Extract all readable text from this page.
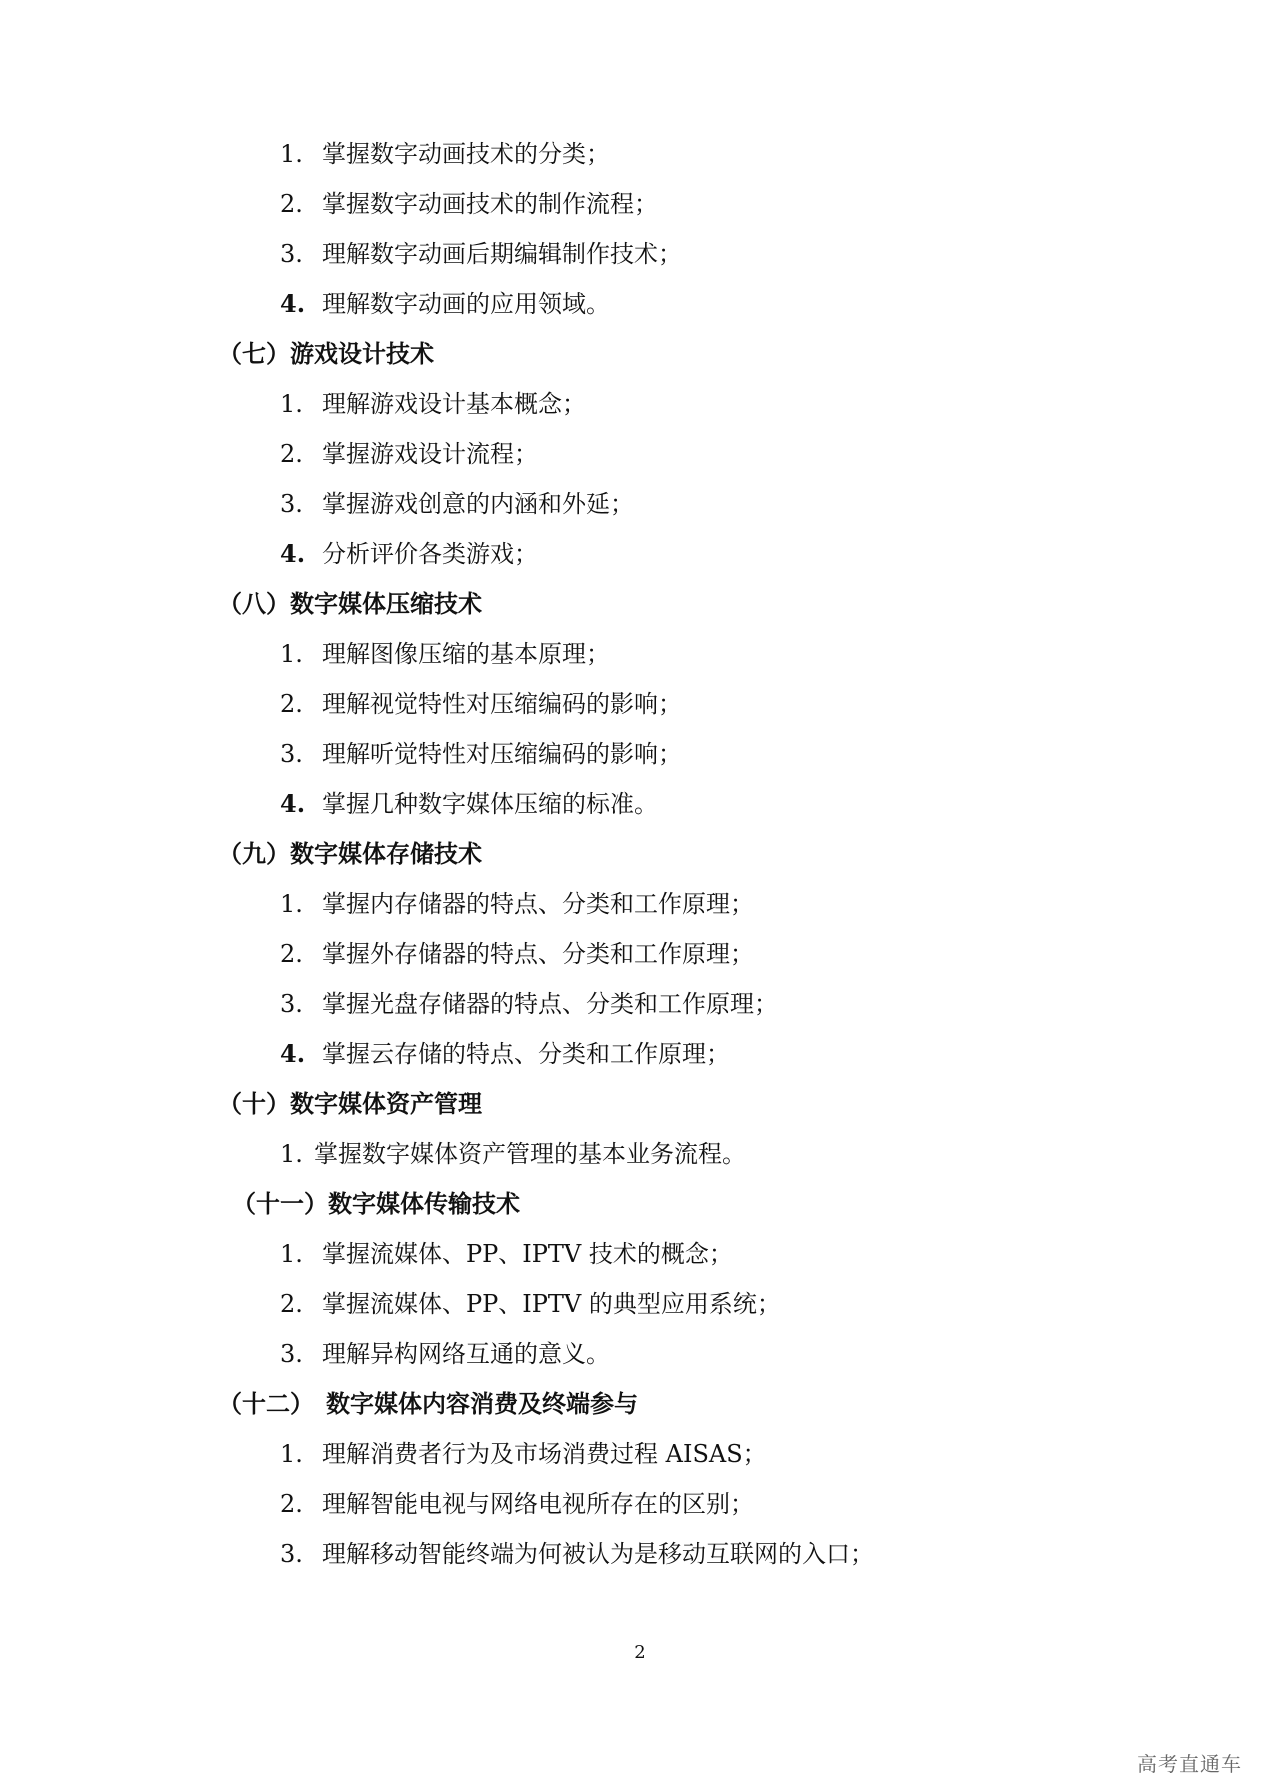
1. 掌握数字动画技术的分类；
2. 掌握数字动画技术的制作流程；
3. 理解数字动画后期编辑制作技术；
4. 理解数字动画的应用领域。
（七）游戏设计技术
1. 理解游戏设计基本概念；
2. 掌握游戏设计流程；
3. 掌握游戏创意的内涵和外延；
4. 分析评价各类游戏；
（八）数字媒体压缩技术
1. 理解图像压缩的基本原理；
2. 理解视觉特性对压缩编码的影响；
3. 理解听觉特性对压缩编码的影响；
4. 掌握几种数字媒体压缩的标准。
（九）数字媒体存储技术
1. 掌握内存储器的特点、分类和工作原理；
2. 掌握外存储器的特点、分类和工作原理；
3. 掌握光盘存储器的特点、分类和工作原理；
4. 掌握云存储的特点、分类和工作原理；
（十）数字媒体资产管理
1. 掌握数字媒体资产管理的基本业务流程。
（十一）数字媒体传输技术
1. 掌握流媒体、PP、IPTV 技术的概念；
2. 掌握流媒体、PP、IPTV 的典型应用系统；
3. 理解异构网络互通的意义。
（十二）　数字媒体内容消费及终端参与
1. 理解消费者行为及市场消费过程 AISAS；
2. 理解智能电视与网络电视所存在的区别；
3. 理解移动智能终端为何被认为是移动互联网的入口；
2
高考直通车
